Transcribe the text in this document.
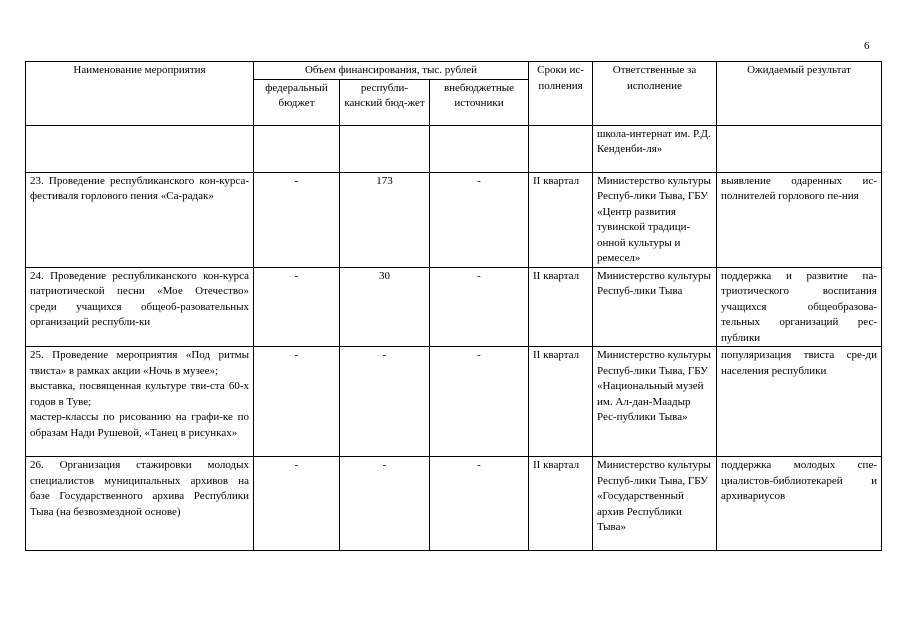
6
Наименование мероприятия	Объем финансирования, тыс. рублей			Сроки ис-полнения	Ответственные за исполнение	Ожидаемый результат
	федеральный бюджет	республи-канский бюд-жет	внебюджетные источники			
					школа-интернат им. Р.Д. Кенденби-ля»	
23. Проведение республиканского кон-курса-фестиваля горлового пения «Са-радак»	-	173	-	II квартал	Министерство культуры Респуб-лики Тыва, ГБУ «Центр развития тувинской традици-онной культуры и ремесел»	выявление одаренных ис-полнителей горлового пе-ния
24. Проведение республиканского кон-курса патриотической песни «Мое Отечество» среди учащихся общеоб-разовательных организаций республи-ки	-	30	-	II квартал	Министерство культуры Респуб-лики Тыва	поддержка и развитие па-триотического воспитания учащихся общеобразова-тельных организаций рес-публики

25. Проведение мероприятия «Под ритмы твиста» в рамках акции «Ночь в музее»;
выставка, посвященная культуре тви-ста 60-х годов в Туве;
мастер-классы по рисованию на графи-ке по образам Нади Рушевой, «Танец в рисунках»	-	-	-	II квартал	Министерство культуры Респуб-лики Тыва, ГБУ «Национальный музей им. Ал-дан-Маадыр Рес-публики Тыва»	популяризация твиста сре-ди населения республики
26. Организация стажировки молодых специалистов муниципальных архивов на базе Государственного архива Республики Тыва (на безвозмездной основе)	-	-	-	II квартал	Министерство культуры Респуб-лики Тыва, ГБУ «Государственный архив Республики Тыва»	поддержка молодых спе-циалистов-библиотекарей и архивариусов
